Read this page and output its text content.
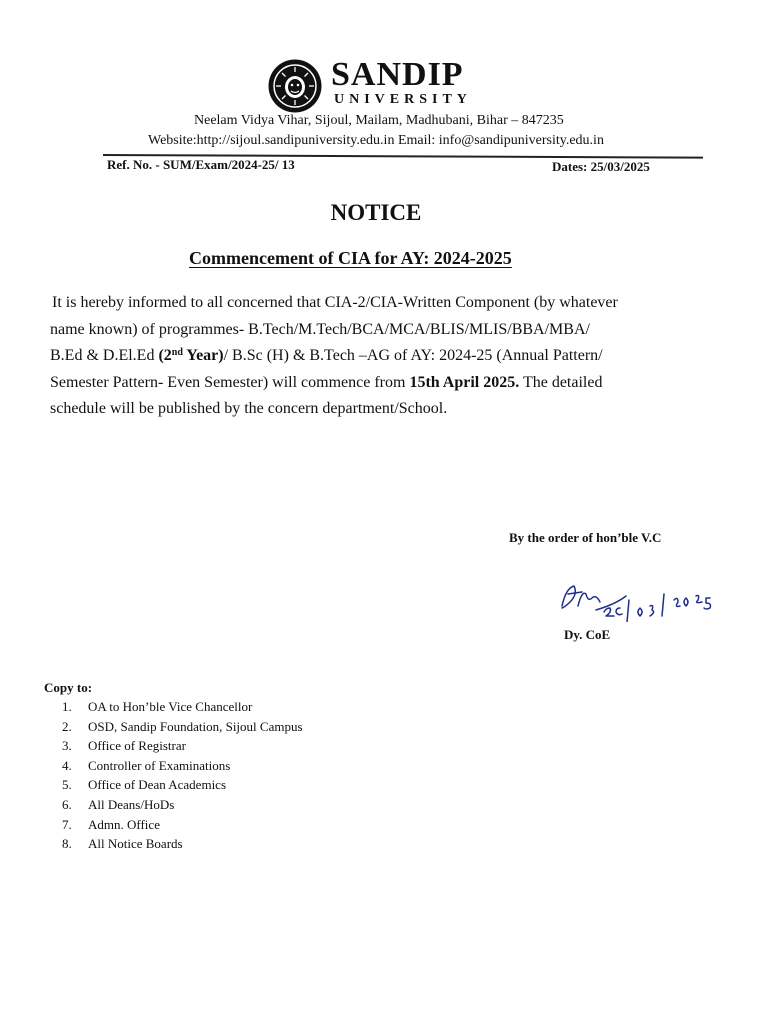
SANDIP
UNIVERSITY
Neelam Vidya Vihar, Sijoul, Mailam, Madhubani, Bihar – 847235
Website:http://sijoul.sandipuniversity.edu.in Email: info@sandipuniversity.edu.in
Ref. No. - SUM/Exam/2024-25/ 13	Dates: 25/03/2025
NOTICE
Commencement of CIA for AY: 2024-2025
It is hereby informed to all concerned that CIA-2/CIA-Written Component (by whatever
name known) of programmes- B.Tech/M.Tech/BCA/MCA/BLIS/MLIS/BBA/MBA/
B.Ed & D.El.Ed (2nd Year)/ B.Sc (H) & B.Tech –AG of AY: 2024-25 (Annual Pattern/
Semester Pattern- Even Semester) will commence from 15th April 2025. The detailed
schedule will be published by the concern department/School.
By the order of hon’ble V.C
Dy. CoE
Copy to:
1.	OA to Hon’ble Vice Chancellor
2.	OSD, Sandip Foundation, Sijoul Campus
3.	Office of Registrar
4.	Controller of Examinations
5.	Office of Dean Academics
6.	All Deans/HoDs
7.	Admn. Office
8.	All Notice Boards
